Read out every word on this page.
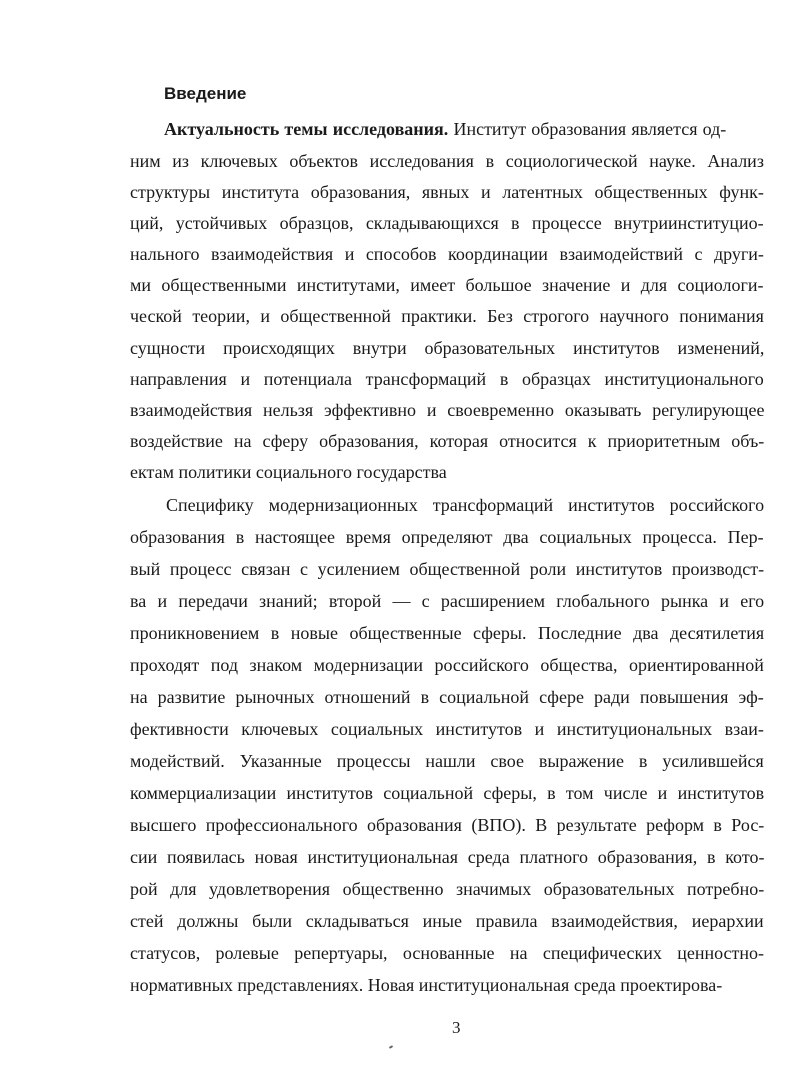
Введение
Актуальность темы исследования. Институт образования является од-
ним из ключевых объектов исследования в социологической науке. Анализ
структуры института образования, явных и латентных общественных функ-
ций, устойчивых образцов, складывающихся в процессе внутриинституцио-
нального взаимодействия и способов координации взаимодействий с други-
ми общественными институтами, имеет большое значение и для социологи-
ческой теории, и общественной практики. Без строгого научного понимания
сущности происходящих внутри образовательных институтов изменений,
направления и потенциала трансформаций в образцах институционального
взаимодействия нельзя эффективно и своевременно оказывать регулирующее
воздействие на сферу образования, которая относится к приоритетным объ-
ектам политики социального государства
Специфику модернизационных трансформаций институтов российского
образования в настоящее время определяют два социальных процесса. Пер-
вый процесс связан с усилением общественной роли институтов производст-
ва и передачи знаний; второй — с расширением глобального рынка и его
проникновением в новые общественные сферы. Последние два десятилетия
проходят под знаком модернизации российского общества, ориентированной
на развитие рыночных отношений в социальной сфере ради повышения эф-
фективности ключевых социальных институтов и институциональных взаи-
модействий. Указанные процессы нашли свое выражение в усилившейся
коммерциализации институтов социальной сферы, в том числе и институтов
высшего профессионального образования (ВПО). В результате реформ в Рос-
сии появилась новая институциональная среда платного образования, в кото-
рой для удовлетворения общественно значимых образовательных потребно-
стей должны были складываться иные правила взаимодействия, иерархии
статусов, ролевые репертуары, основанные на специфических ценностно-
нормативных представлениях. Новая институциональная среда проектирова-
3
